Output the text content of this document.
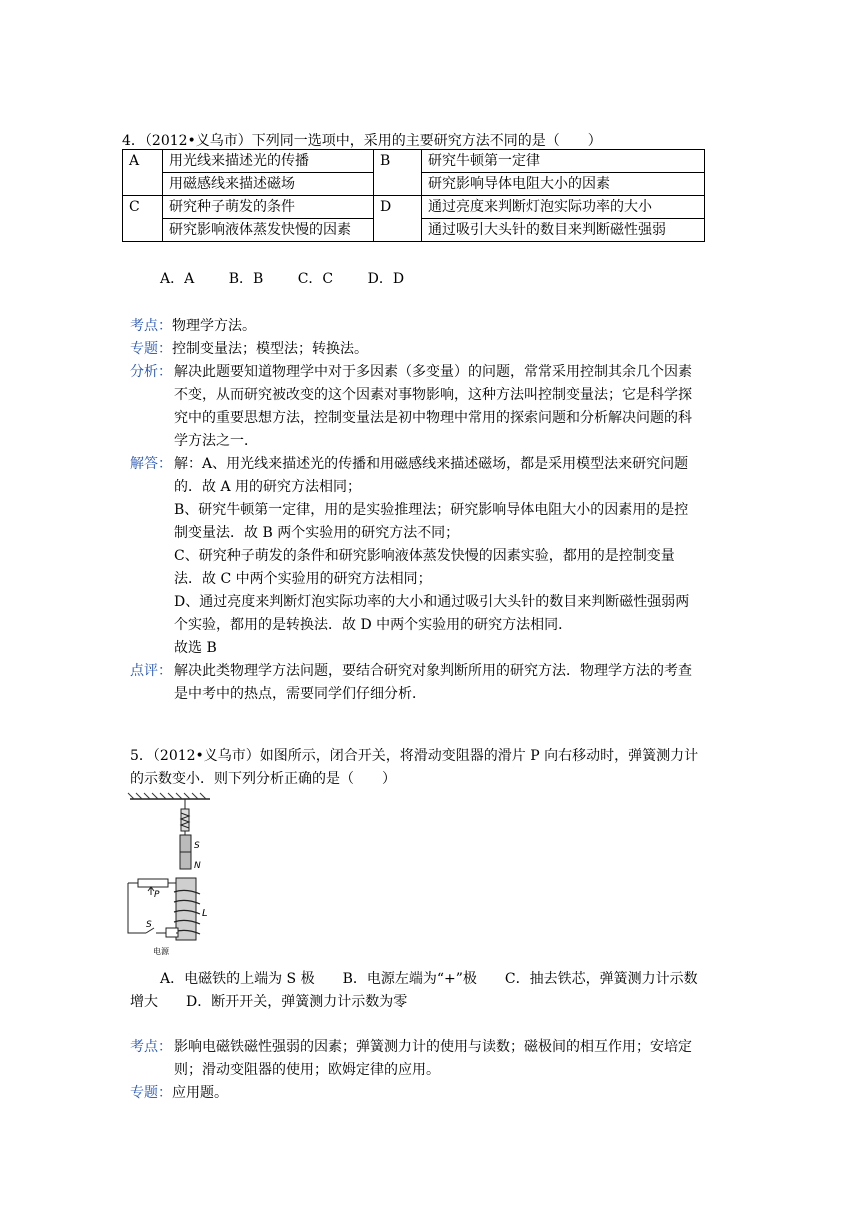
4．（2012•义乌市）下列同一选项中，采用的主要研究方法不同的是（　　）
A	用光线来描述光的传播	B	研究牛顿第一定律
	用磁感线来描述磁场		研究影响导体电阻大小的因素
C	研究种子萌发的条件	D	通过亮度来判断灯泡实际功率的大小
	研究影响液体蒸发快慢的因素		通过吸引大头针的数目来判断磁性强弱
A．A B．B C．C D．D
考点：物理学方法。
专题：控制变量法；模型法；转换法。
分析： 解决此题要知道物理学中对于多因素（多变量）的问题，常常采用控制其余几个因素
不变，从而研究被改变的这个因素对事物影响，这种方法叫控制变量法；它是科学探
究中的重要思想方法，控制变量法是初中物理中常用的探索问题和分析解决问题的科
学方法之一．
解答： 解：A、用光线来描述光的传播和用磁感线来描述磁场，都是采用模型法来研究问题
的．故 A 用的研究方法相同；
B、研究牛顿第一定律，用的是实验推理法；研究影响导体电阻大小的因素用的是控
制变量法．故 B 两个实验用的研究方法不同；
C、研究种子萌发的条件和研究影响液体蒸发快慢的因素实验，都用的是控制变量
法．故 C 中两个实验用的研究方法相同；
D、通过亮度来判断灯泡实际功率的大小和通过吸引大头针的数目来判断磁性强弱两
个实验，都用的是转换法．故 D 中两个实验用的研究方法相同．
故选 B
点评： 解决此类物理学方法问题，要结合研究对象判断所用的研究方法．物理学方法的考查
是中考中的热点，需要同学们仔细分析．
5．（2012•义乌市）如图所示，闭合开关，将滑动变阻器的滑片 P 向右移动时，弹簧测力计
的示数变小．则下列分析正确的是（　　）
S
N
L
P
S
电源
A．电磁铁的上端为 S 极　　B．电源左端为“+”极　　C．抽去铁芯，弹簧测力计示数
增大　　D．断开开关，弹簧测力计示数为零
考点： 影响电磁铁磁性强弱的因素；弹簧测力计的使用与读数；磁极间的相互作用；安培定
则；滑动变阻器的使用；欧姆定律的应用。
专题：应用题。
